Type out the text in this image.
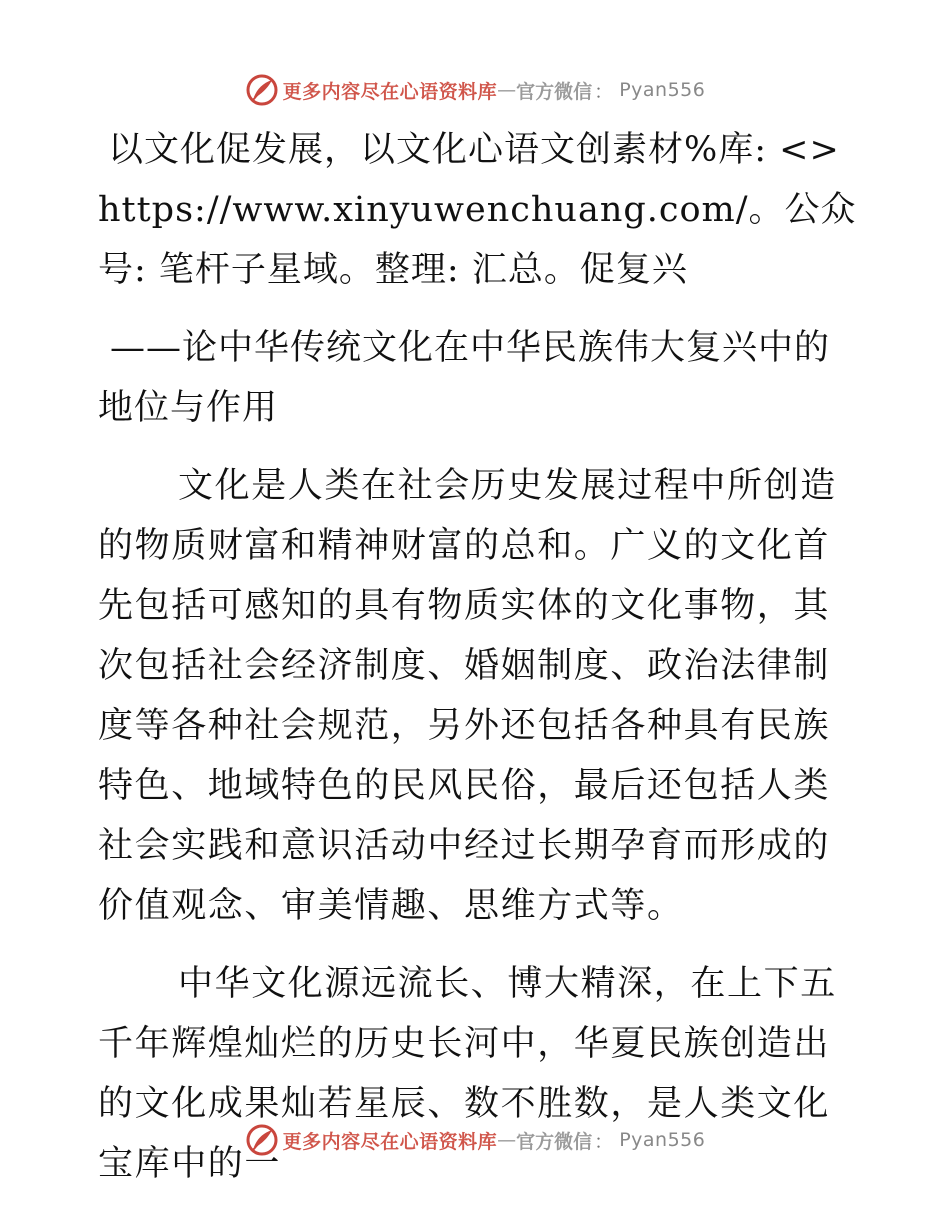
更多内容尽在心语资料库 — 官方微信 ： Pyan556

以文化促发展，以文化心语文创素材%库: <>https://www.xinyuwenchuang.com/。公众号: 笔杆子星域。整理: 汇总。促复兴

——论中华传统文化在中华民族伟大复兴中的地位与作用

文化是人类在社会历史发展过程中所创造的物质财富和精神财富的总和。广义的文化首先包括可感知的具有物质实体的文化事物，其次包括社会经济制度、婚姻制度、政治法律制度等各种社会规范，另外还包括各种具有民族特色、地域特色的民风民俗，最后还包括人类社会实践和意识活动中经过长期孕育而形成的价值观念、审美情趣、思维方式等。

中华文化源远流长、博大精深，在上下五千年辉煌灿烂的历史长河中，华夏民族创造出的文化成果灿若星辰、数不胜数，是人类文化宝库中的一

更多内容尽在心语资料库 — 官方微信 ： Pyan556
